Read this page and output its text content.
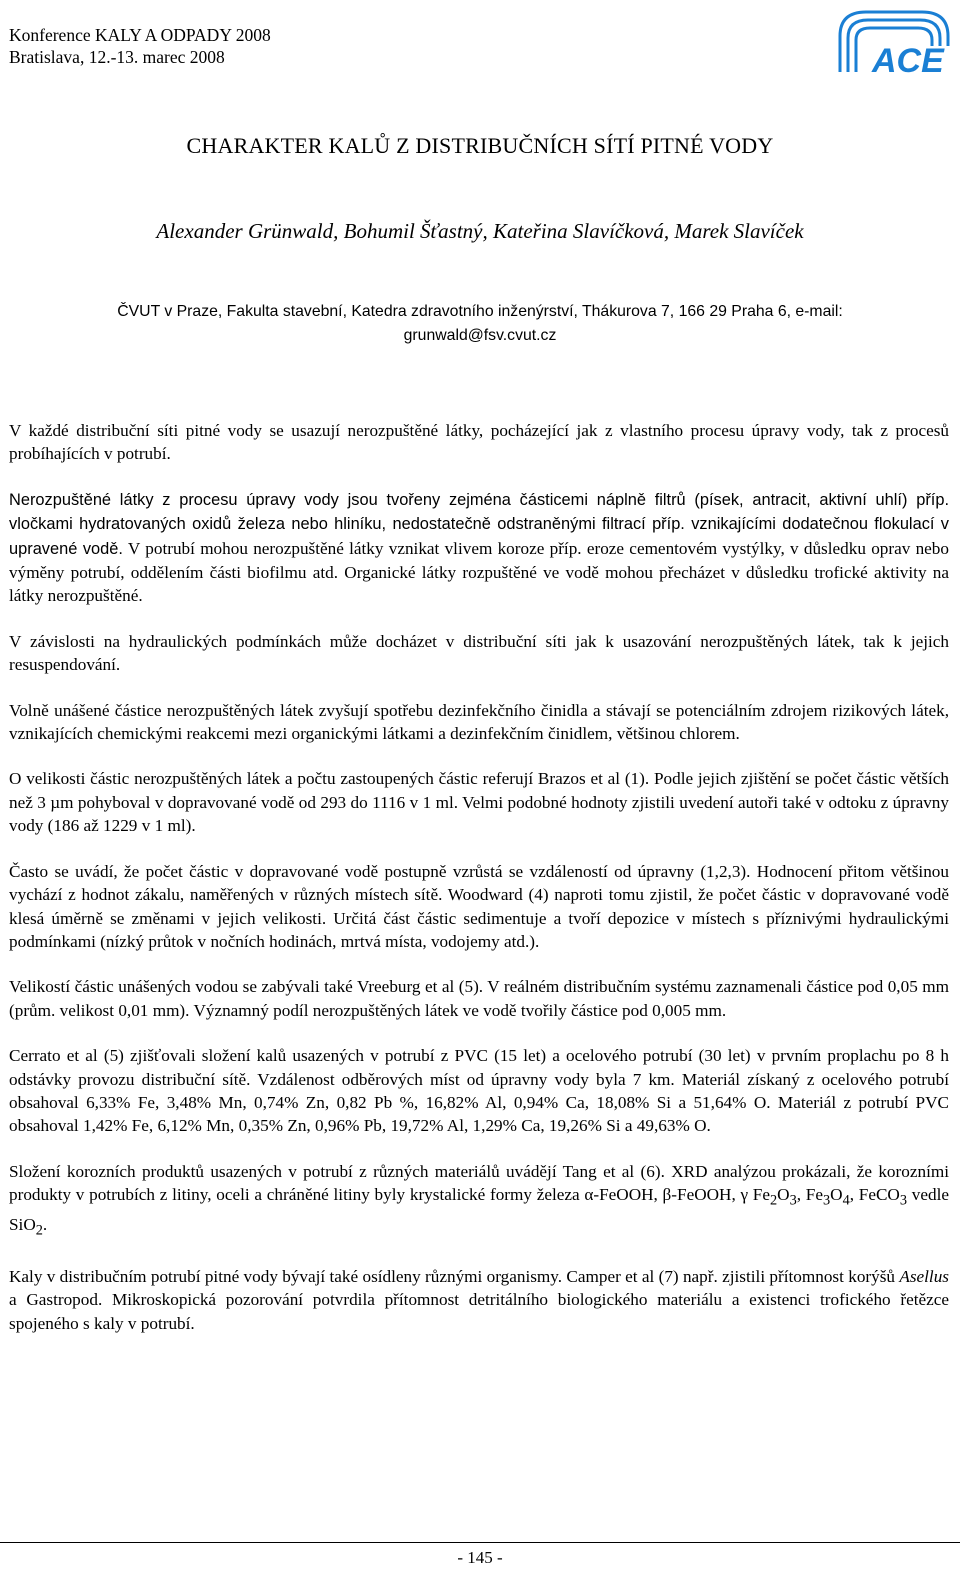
Konference KALY A ODPADY 2008
Bratislava, 12.-13. marec 2008	ACE
CHARAKTER KALŮ Z DISTRIBUČNÍCH SÍTÍ PITNÉ VODY
Alexander Grünwald, Bohumil Šťastný, Kateřina Slavíčková, Marek Slavíček
ČVUT v Praze, Fakulta stavební, Katedra zdravotního inženýrství, Thákurova 7, 166 29 Praha 6, e-mail:
grunwald@fsv.cvut.cz

V každé distribuční síti pitné vody se usazují nerozpuštěné látky, pocházející jak z vlastního procesu úpravy vody, tak z procesů probíhajících v potrubí.

Nerozpuštěné látky z procesu úpravy vody jsou tvořeny zejména částicemi náplně filtrů (písek, antracit, aktivní uhlí) příp. vločkami hydratovaných oxidů železa nebo hliníku, nedostatečně odstraněnými filtrací příp. vznikajícími dodatečnou flokulací v upravené vodě. V potrubí mohou nerozpuštěné látky vznikat vlivem koroze příp. eroze cementovém vystýlky, v důsledku oprav nebo výměny potrubí, oddělením části biofilmu atd. Organické látky rozpuštěné ve vodě mohou přecházet v důsledku trofické aktivity na látky nerozpuštěné.

V závislosti na hydraulických podmínkách může docházet v distribuční síti jak k usazování nerozpuštěných látek, tak k jejich resuspendování.

Volně unášené částice nerozpuštěných látek zvyšují spotřebu dezinfekčního činidla a stávají se potenciálním zdrojem rizikových látek, vznikajících chemickými reakcemi mezi organickými látkami a dezinfekčním činidlem, většinou chlorem.

O velikosti částic nerozpuštěných látek a počtu zastoupených částic referují Brazos et al (1). Podle jejich zjištění se počet částic větších než 3 µm pohyboval v dopravované vodě od 293 do 1116 v 1 ml. Velmi podobné hodnoty zjistili uvedení autoři také v odtoku z úpravny vody (186 až 1229 v 1 ml).

Často se uvádí, že počet částic v dopravované vodě postupně vzrůstá se vzdáleností od úpravny (1,2,3). Hodnocení přitom většinou vychází z hodnot zákalu, naměřených v různých místech sítě. Woodward (4) naproti tomu zjistil, že počet částic v dopravované vodě klesá úměrně se změnami v jejich velikosti. Určitá část částic sedimentuje a tvoří depozice v místech s příznivými hydraulickými podmínkami (nízký průtok v nočních hodinách, mrtvá místa, vodojemy atd.).

Velikostí částic unášených vodou se zabývali také Vreeburg et al (5). V reálném distribučním systému zaznamenali částice pod 0,05 mm (prům. velikost 0,01 mm). Významný podíl nerozpuštěných látek ve vodě tvořily částice pod 0,005 mm.

Cerrato et al (5) zjišťovali složení kalů usazených v potrubí z PVC (15 let) a ocelového potrubí (30 let) v prvním proplachu po 8 h odstávky provozu distribuční sítě. Vzdálenost odběrových míst od úpravny vody byla 7 km. Materiál získaný z ocelového potrubí obsahoval 6,33% Fe, 3,48% Mn, 0,74% Zn, 0,82 Pb %, 16,82% Al, 0,94% Ca, 18,08% Si a 51,64% O. Materiál z potrubí PVC obsahoval 1,42% Fe, 6,12% Mn, 0,35% Zn, 0,96% Pb, 19,72% Al, 1,29% Ca, 19,26% Si a 49,63% O.

Složení korozních produktů usazených v potrubí z různých materiálů uvádějí Tang et al (6). XRD analýzou prokázali, že korozními produkty v potrubích z litiny, oceli a chráněné litiny byly krystalické formy železa α-FeOOH, β-FeOOH, γ $Fe_2O_3$, $Fe_3O_4$, FeCO$_3$ vedle SiO$_2$.

Kaly v distribučním potrubí pitné vody bývají také osídleny různými organismy. Camper et al (7) např. zjistili přítomnost korýšů Asellus a Gastropod. Mikroskopická pozorování potvrdila přítomnost detritálního biologického materiálu a existenci trofického řetězce spojeného s kaly v potrubí.

- 145 -
